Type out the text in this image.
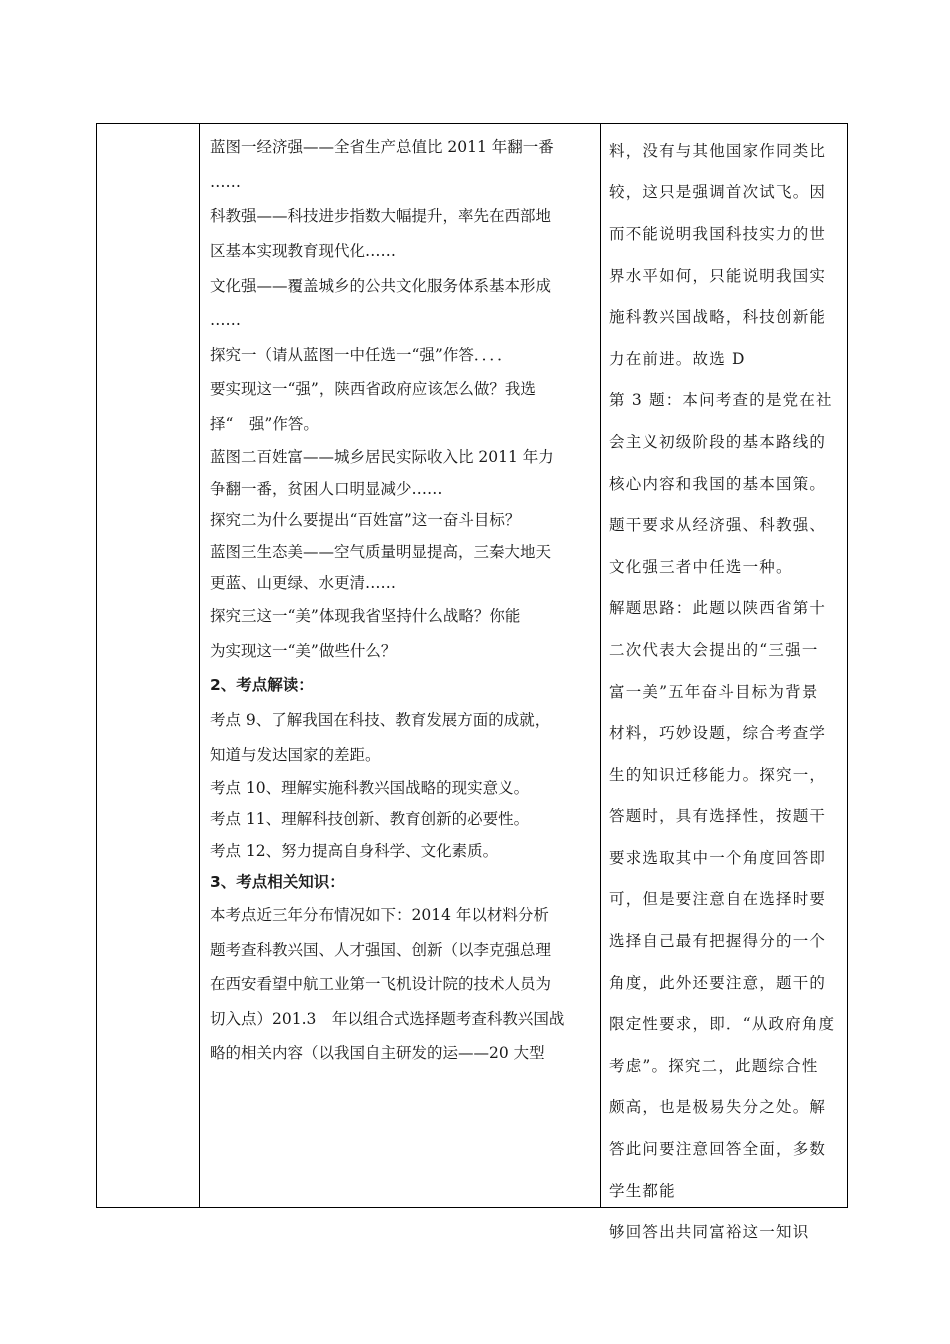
蓝图一经济强——全省生产总值比 2011 年翻一番
……
科教强——科技进步指数大幅提升，率先在西部地
区基本实现教育现代化……
文化强——覆盖城乡的公共文化服务体系基本形成
……
探究一（请从蓝图一中任选一“强”作答．．．．
要实现这一“强”，陕西省政府应该怎么做？我选
择“　强”作答。
蓝图二百姓富——城乡居民实际收入比 2011 年力
争翻一番，贫困人口明显减少……
探究二为什么要提出“百姓富”这一奋斗目标？
蓝图三生态美——空气质量明显提高，三秦大地天
更蓝、山更绿、水更清……
探究三这一“美”体现我省坚持什么战略？你能
为实现这一“美”做些什么？
2、考点解读：
考点 9、了解我国在科技、教育发展方面的成就，
知道与发达国家的差距。
考点 10、理解实施科教兴国战略的现实意义。
考点 11、理解科技创新、教育创新的必要性。
考点 12、努力提高自身科学、文化素质。
3、考点相关知识：
本考点近三年分布情况如下：2014 年以材料分析
题考查科教兴国、人才强国、创新（以李克强总理
在西安看望中航工业第一飞机设计院的技术人员为
切入点）201.3　年以组合式选择题考查科教兴国战
略的相关内容（以我国自主研发的运——20 大型
料，没有与其他国家作同类比
较，这只是强调首次试飞。因
而不能说明我国科技实力的世
界水平如何，只能说明我国实
施科教兴国战略，科技创新能
力在前进。故选 D
第 3 题：本问考查的是党在社
会主义初级阶段的基本路线的
核心内容和我国的基本国策。
题干要求从经济强、科教强、
文化强三者中任选一种。
解题思路：此题以陕西省第十
二次代表大会提出的“三强一
富一美”五年奋斗目标为背景
材料，巧妙设题，综合考查学
生的知识迁移能力。探究一，
答题时，具有选择性，按题干
要求选取其中一个角度回答即
可，但是要注意自在选择时要
选择自己最有把握得分的一个
角度，此外还要注意，题干的
限定性要求，即．“从政府角度
考虑”。探究二，此题综合性
颇高，也是极易失分之处。解
答此问要注意回答全面，多数
学生都能
够回答出共同富裕这一知识
